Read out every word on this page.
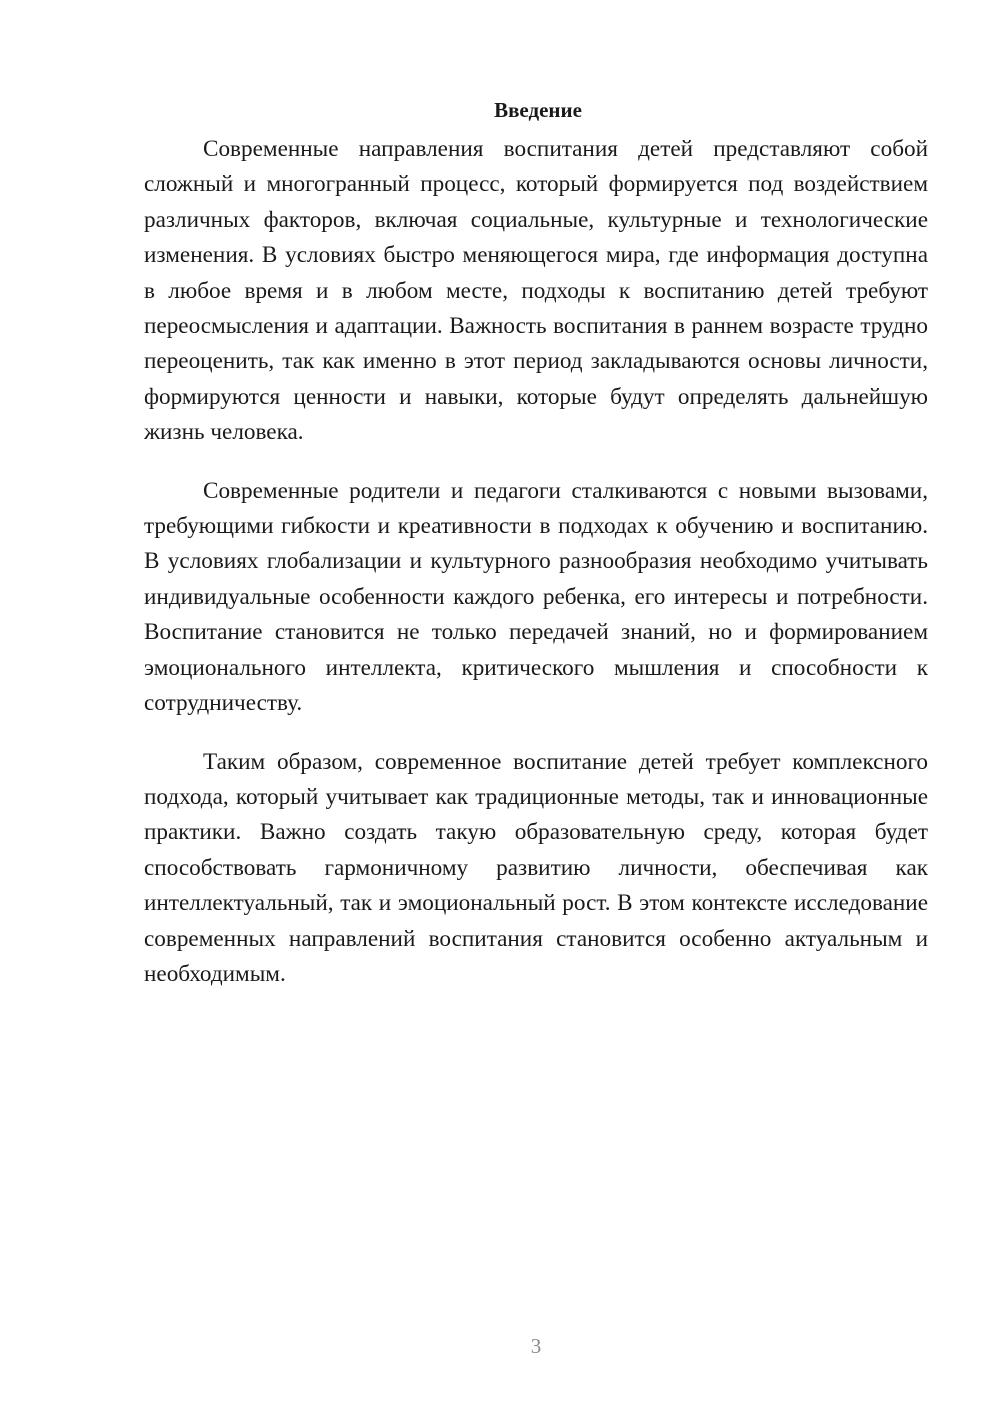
Введение

Современные направления воспитания детей представляют собой сложный и многогранный процесс, который формируется под воздействием различных факторов, включая социальные, культурные и технологические изменения. В условиях быстро меняющегося мира, где информация доступна в любое время и в любом месте, подходы к воспитанию детей требуют переосмысления и адаптации. Важность воспитания в раннем возрасте трудно переоценить, так как именно в этот период закладываются основы личности, формируются ценности и навыки, которые будут определять дальнейшую жизнь человека.

Современные родители и педагоги сталкиваются с новыми вызовами, требующими гибкости и креативности в подходах к обучению и воспитанию. В условиях глобализации и культурного разнообразия необходимо учитывать индивидуальные особенности каждого ребенка, его интересы и потребности. Воспитание становится не только передачей знаний, но и формированием эмоционального интеллекта, критического мышления и способности к сотрудничеству.

Таким образом, современное воспитание детей требует комплексного подхода, который учитывает как традиционные методы, так и инновационные практики. Важно создать такую образовательную среду, которая будет способствовать гармоничному развитию личности, обеспечивая как интеллектуальный, так и эмоциональный рост. В этом контексте исследование современных направлений воспитания становится особенно актуальным и необходимым.

3
